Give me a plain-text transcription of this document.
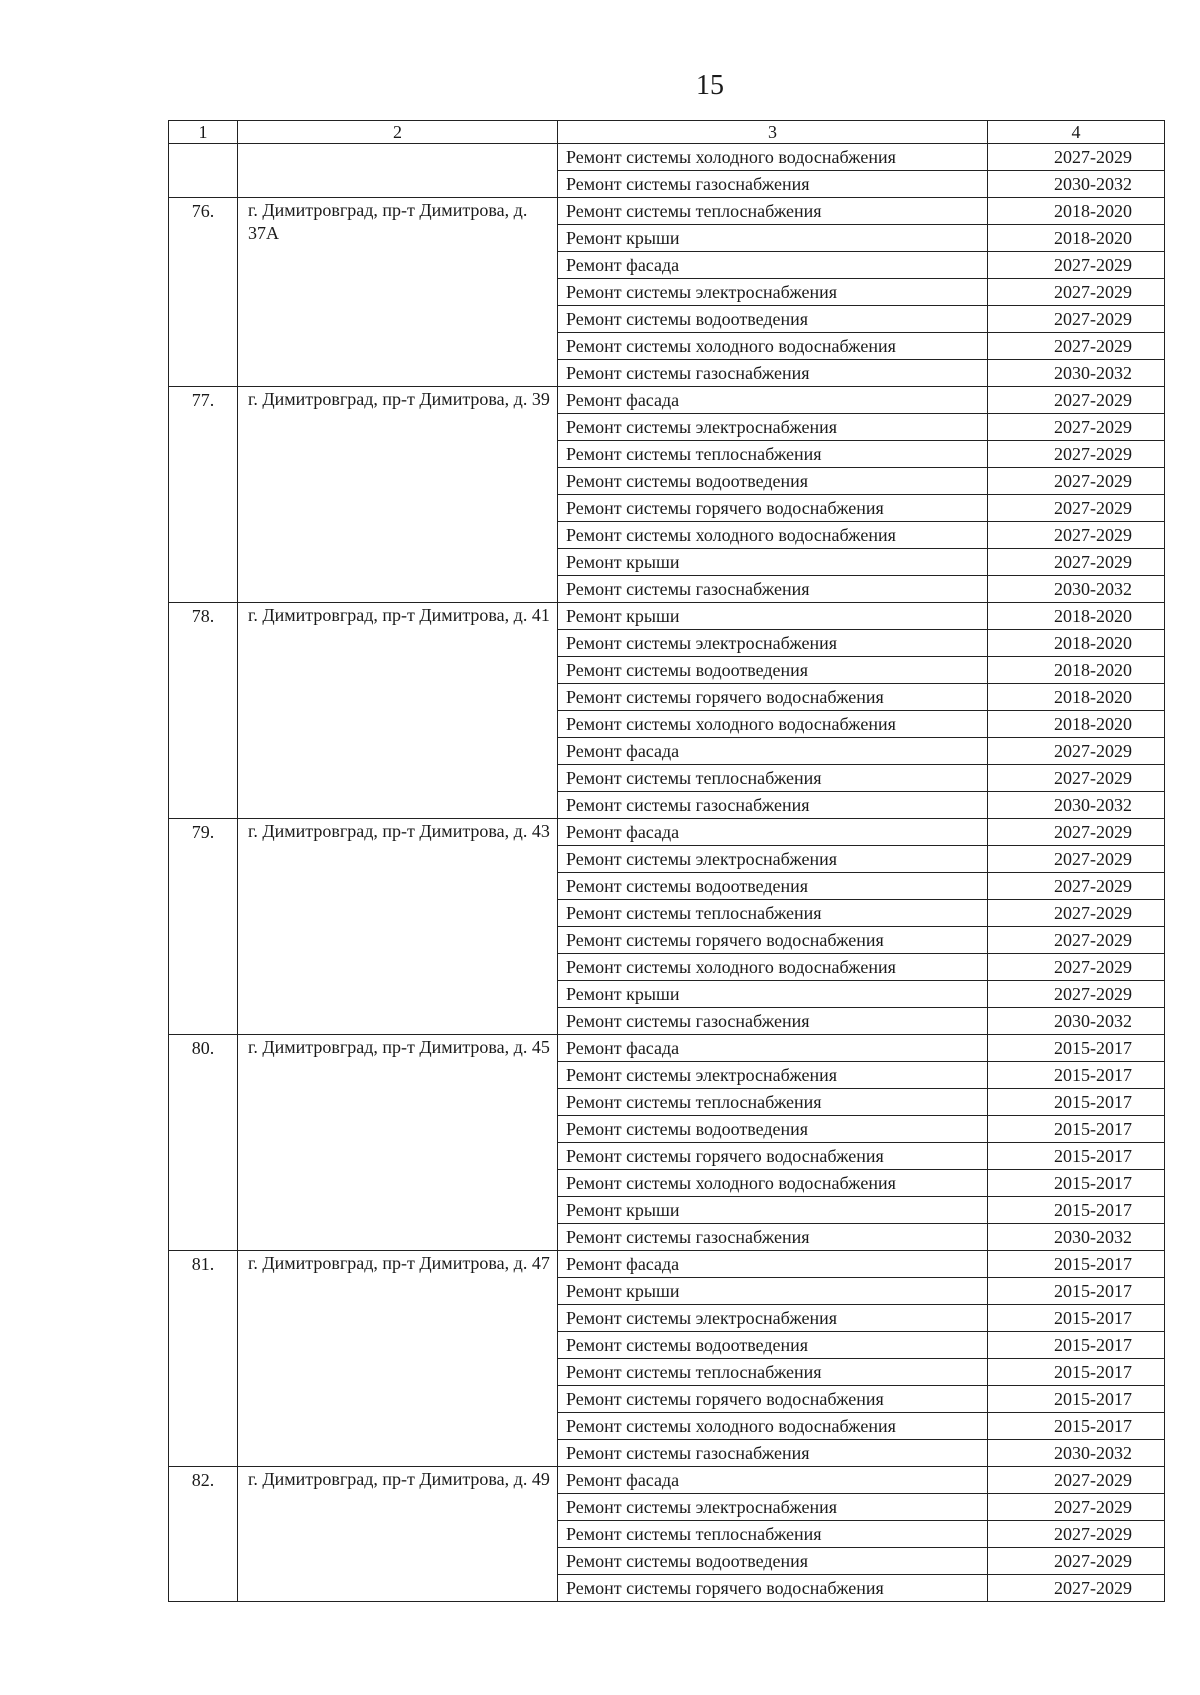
15
1	2	3	4
		Ремонт системы холодного водоснабжения	2027-2029
		Ремонт системы газоснабжения	2030-2032
76.	г. Димитровград, пр-т Димитрова, д. 37А	Ремонт системы теплоснабжения	2018-2020
		Ремонт крыши	2018-2020
		Ремонт фасада	2027-2029
		Ремонт системы электроснабжения	2027-2029
		Ремонт системы водоотведения	2027-2029
		Ремонт системы холодного водоснабжения	2027-2029
		Ремонт системы газоснабжения	2030-2032
77.	г. Димитровград, пр-т Димитрова, д. 39	Ремонт фасада	2027-2029
		Ремонт системы электроснабжения	2027-2029
		Ремонт системы теплоснабжения	2027-2029
		Ремонт системы водоотведения	2027-2029
		Ремонт системы горячего водоснабжения	2027-2029
		Ремонт системы холодного водоснабжения	2027-2029
		Ремонт крыши	2027-2029
		Ремонт системы газоснабжения	2030-2032
78.	г. Димитровград, пр-т Димитрова, д. 41	Ремонт крыши	2018-2020
		Ремонт системы электроснабжения	2018-2020
		Ремонт системы водоотведения	2018-2020
		Ремонт системы горячего водоснабжения	2018-2020
		Ремонт системы холодного водоснабжения	2018-2020
		Ремонт фасада	2027-2029
		Ремонт системы теплоснабжения	2027-2029
		Ремонт системы газоснабжения	2030-2032
79.	г. Димитровград, пр-т Димитрова, д. 43	Ремонт фасада	2027-2029
		Ремонт системы электроснабжения	2027-2029
		Ремонт системы водоотведения	2027-2029
		Ремонт системы теплоснабжения	2027-2029
		Ремонт системы горячего водоснабжения	2027-2029
		Ремонт системы холодного водоснабжения	2027-2029
		Ремонт крыши	2027-2029
		Ремонт системы газоснабжения	2030-2032
80.	г. Димитровград, пр-т Димитрова, д. 45	Ремонт фасада	2015-2017
		Ремонт системы электроснабжения	2015-2017
		Ремонт системы теплоснабжения	2015-2017
		Ремонт системы водоотведения	2015-2017
		Ремонт системы горячего водоснабжения	2015-2017
		Ремонт системы холодного водоснабжения	2015-2017
		Ремонт крыши	2015-2017
		Ремонт системы газоснабжения	2030-2032
81.	г. Димитровград, пр-т Димитрова, д. 47	Ремонт фасада	2015-2017
		Ремонт крыши	2015-2017
		Ремонт системы электроснабжения	2015-2017
		Ремонт системы водоотведения	2015-2017
		Ремонт системы теплоснабжения	2015-2017
		Ремонт системы горячего водоснабжения	2015-2017
		Ремонт системы холодного водоснабжения	2015-2017
		Ремонт системы газоснабжения	2030-2032
82.	г. Димитровград, пр-т Димитрова, д. 49	Ремонт фасада	2027-2029
		Ремонт системы электроснабжения	2027-2029
		Ремонт системы теплоснабжения	2027-2029
		Ремонт системы водоотведения	2027-2029
		Ремонт системы горячего водоснабжения	2027-2029
